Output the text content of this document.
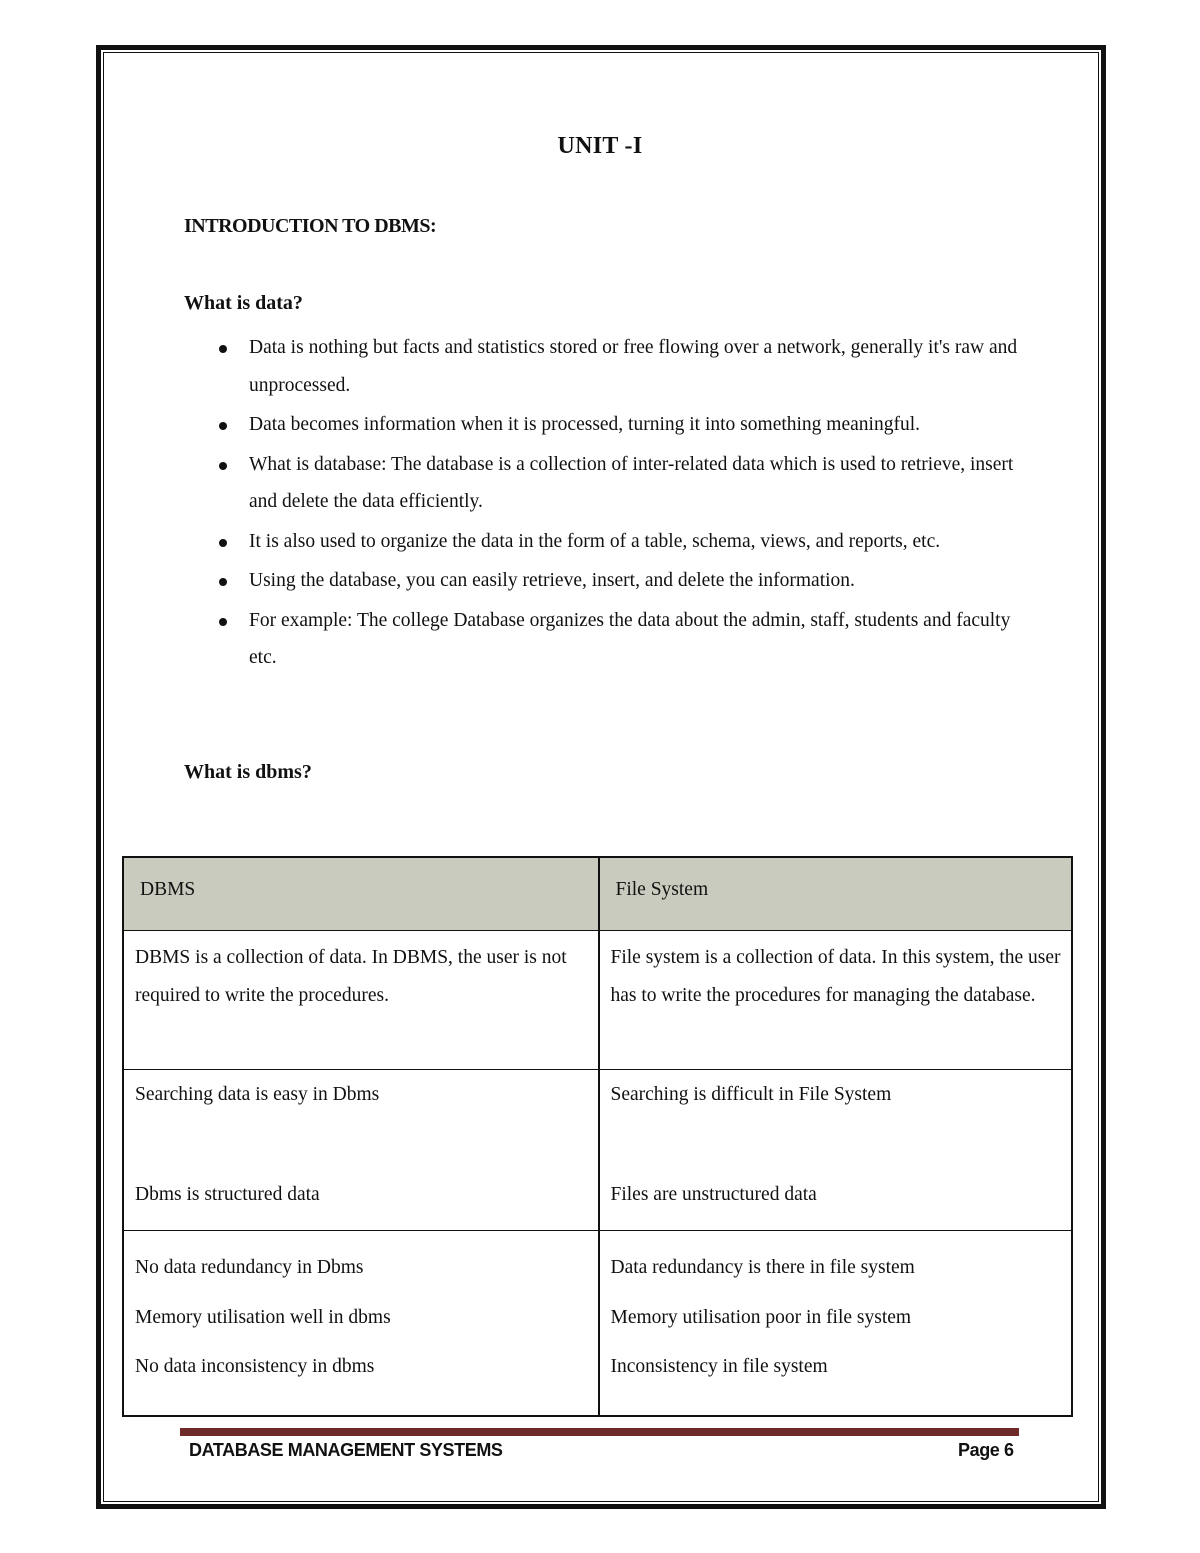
UNIT -I
INTRODUCTION TO DBMS:
What is data?
Data is nothing but facts and statistics stored or free flowing over a network, generally it's raw and unprocessed.
Data becomes information when it is processed, turning it into something meaningful.
What is database: The database is a collection of inter-related data which is used to retrieve, insert and delete the data efficiently.
It is also used to organize the data in the form of a table, schema, views, and reports, etc.
Using the database, you can easily retrieve, insert, and delete the information.
For example: The college Database organizes the data about the admin, staff, students and faculty etc.
What is dbms?
DBMS	File System
DBMS is a collection of data. In DBMS, the user is not required to write the procedures.
File system is a collection of data. In this system, the user has to write the procedures for managing the database.
Searching data is easy in Dbms
Dbms is structured data
Searching is difficult in File System
Files are unstructured data
No data redundancy in Dbms
Memory utilisation well in dbms
No data inconsistency in dbms
Data redundancy is there in file system
Memory utilisation poor in file system
Inconsistency in file system
DATABASE MANAGEMENT SYSTEMS	Page 6
